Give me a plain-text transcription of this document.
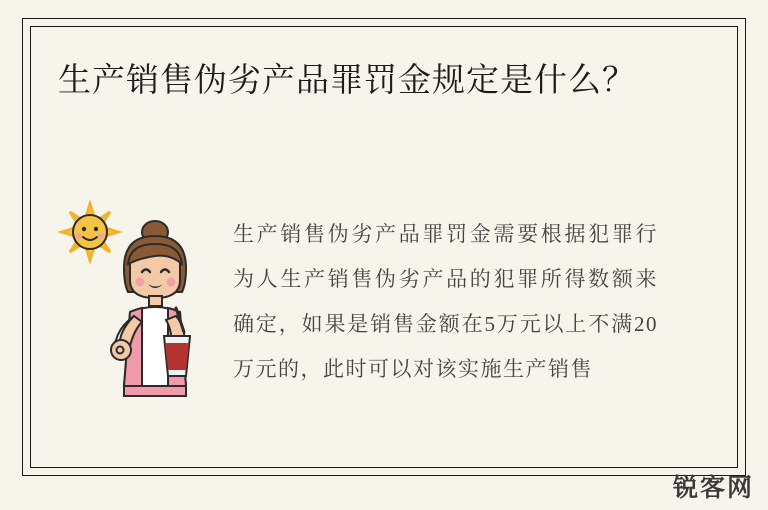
生产销售伪劣产品罪罚金规定是什么？
生产销售伪劣产品罪罚金需要根据犯罪行为人生产销售伪劣产品的犯罪所得数额来确定，如果是销售金额在5万元以上不满20万元的，此时可以对该实施生产销售
锐客网
